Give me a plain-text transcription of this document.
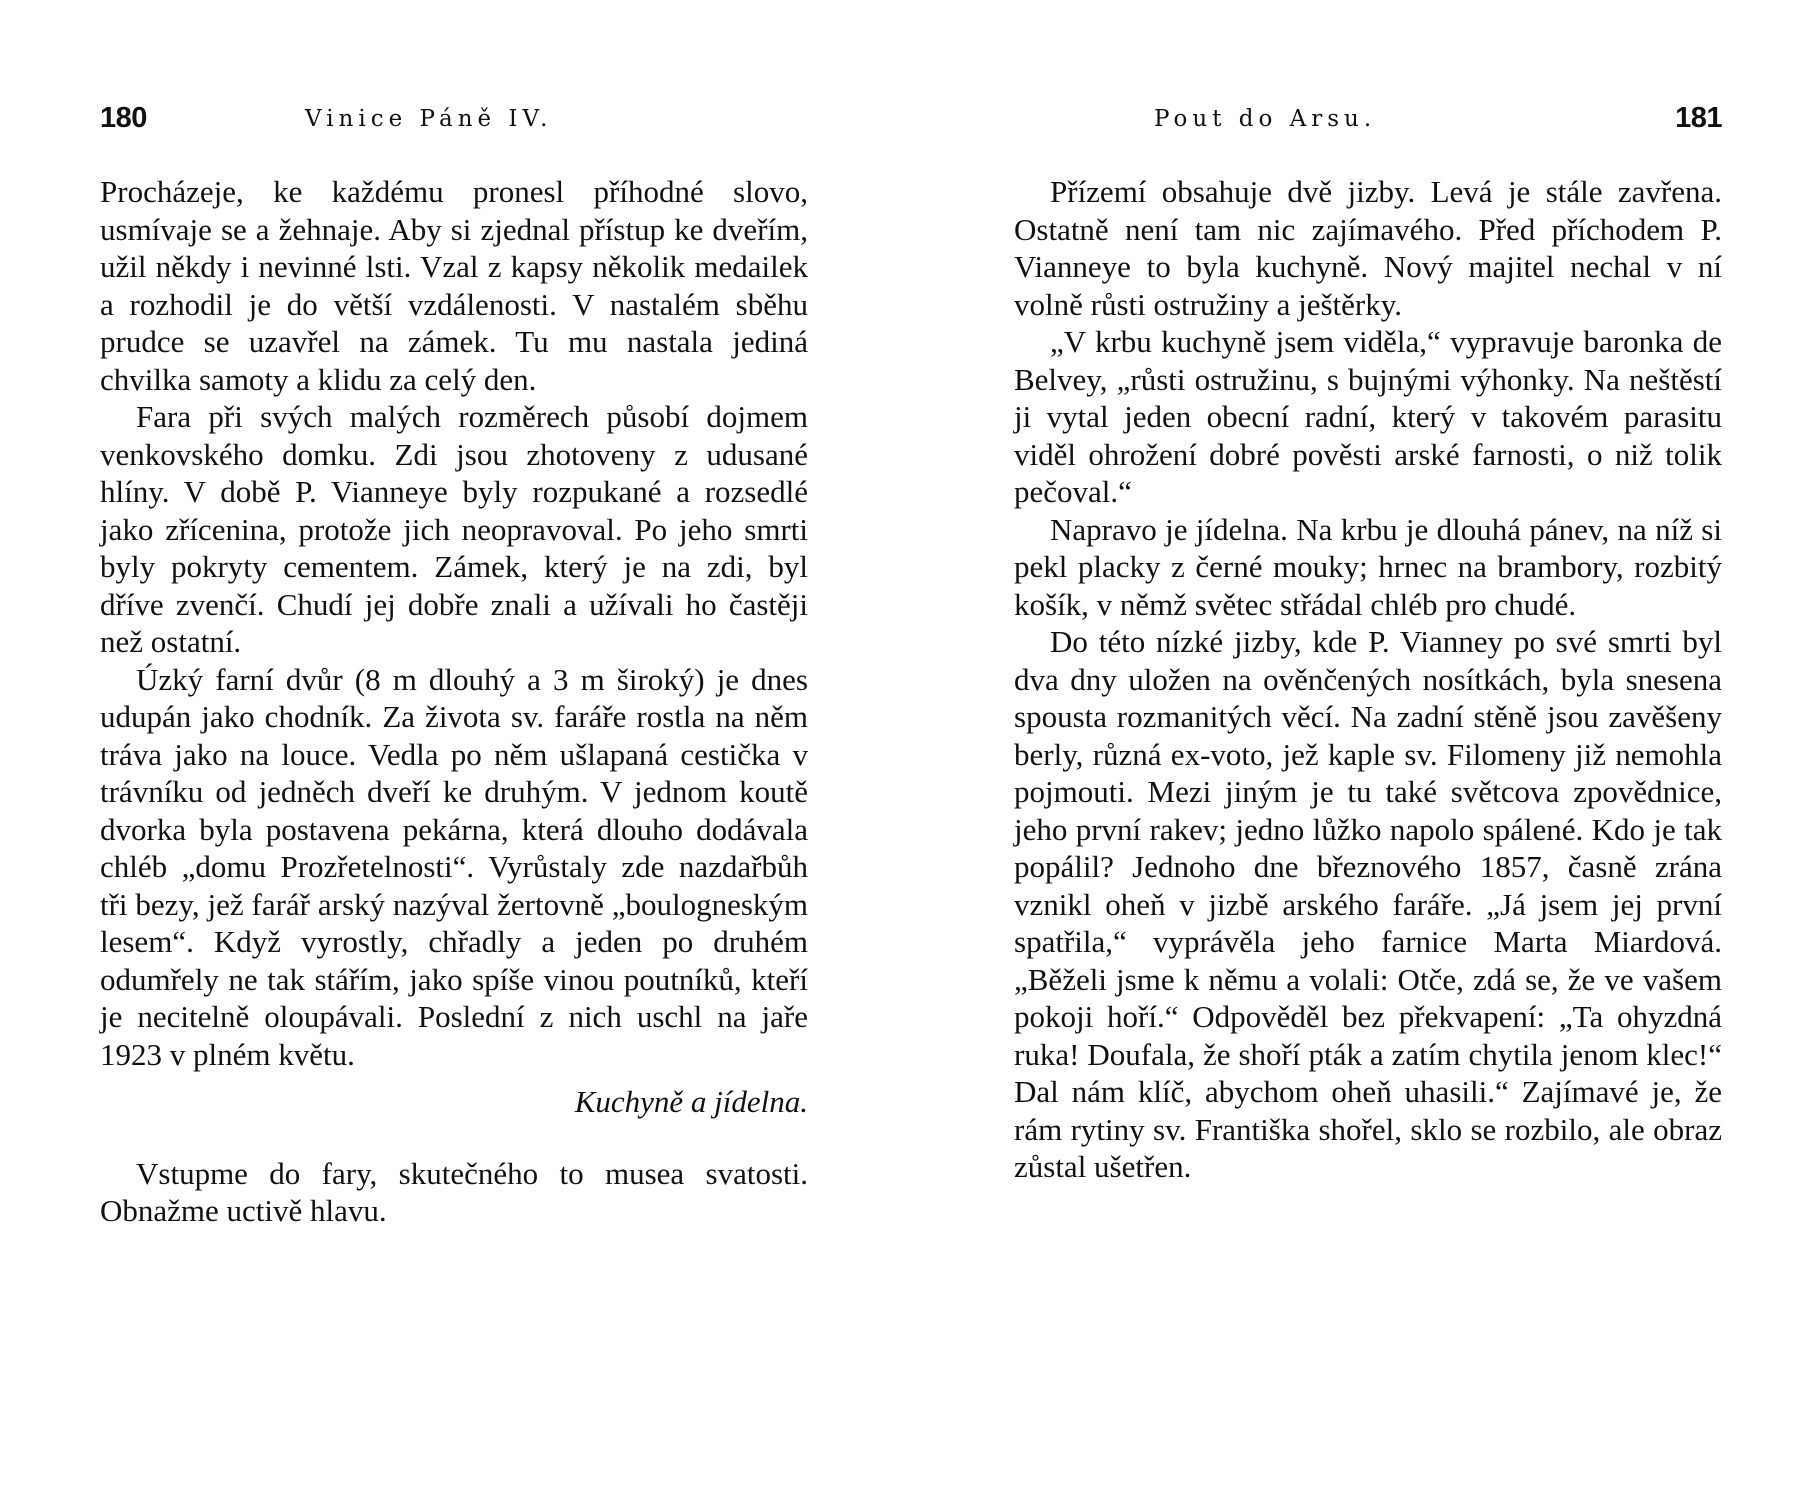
180	Vinice Páně IV.

Procházeje, ke každému pronesl příhodné slovo, usmívaje se a žehnaje. Aby si zjednal přístup ke dveřím, užil někdy i nevinné lsti. Vzal z kapsy několik medailek a rozhodil je do větší vzdálenosti. V nastalém sběhu prudce se uzavřel na zámek. Tu mu nastala jediná chvilka samoty a klidu za celý den.

Fara při svých malých rozměrech působí dojmem venkovského domku. Zdi jsou zhotoveny z udusané hlíny. V době P. Vianneye byly rozpukané a rozsedlé jako zřícenina, protože jich neopravoval. Po jeho smrti byly pokryty cementem. Zámek, který je na zdi, byl dříve zvenčí. Chudí jej dobře znali a užívali ho častěji než ostatní.

Úzký farní dvůr (8 m dlouhý a 3 m široký) je dnes udupán jako chodník. Za života sv. faráře rostla na něm tráva jako na louce. Vedla po něm ušlapaná cestička v trávníku od jedněch dveří ke druhým. V jednom koutě dvorka byla postavena pekárna, která dlouho dodávala chléb „domu Prozřetelnosti“. Vyrůstaly zde nazdařbůh tři bezy, jež farář arský nazýval žertovně „boulogneským lesem“. Když vyrostly, chřadly a jeden po druhém odumřely ne tak stářím, jako spíše vinou poutníků, kteří je necitelně oloupávali. Poslední z nich uschl na jaře 1923 v plném květu.

Kuchyně a jídelna.

Vstupme do fary, skutečného to musea svatosti. Obnažme uctivě hlavu.

Pout do Arsu.	181

Přízemí obsahuje dvě jizby. Levá je stále zavřena. Ostatně není tam nic zajímavého. Před příchodem P. Vianneye to byla kuchyně. Nový majitel nechal v ní volně růsti ostružiny a ještěrky.

„V krbu kuchyně jsem viděla,“ vypravuje baronka de Belvey, „růsti ostružinu, s bujnými výhonky. Na neštěstí ji vytal jeden obecní radní, který v takovém parasitu viděl ohrožení dobré pověsti arské farnosti, o niž tolik pečoval.“

Napravo je jídelna. Na krbu je dlouhá pánev, na níž si pekl placky z černé mouky; hrnec na brambory, rozbitý košík, v němž světec střádal chléb pro chudé.

Do této nízké jizby, kde P. Vianney po své smrti byl dva dny uložen na ověnčených nosítkách, byla snesena spousta rozmanitých věcí. Na zadní stěně jsou zavěšeny berly, různá ex-voto, jež kaple sv. Filomeny již nemohla pojmouti. Mezi jiným je tu také světcova zpovědnice, jeho první rakev; jedno lůžko napolo spálené. Kdo je tak popálil? Jednoho dne březnového 1857, časně zrána vznikl oheň v jizbě arského faráře. „Já jsem jej první spatřila,“ vyprávěla jeho farnice Marta Miardová. „Běželi jsme k němu a volali: Otče, zdá se, že ve vašem pokoji hoří.“ Odpověděl bez překvapení: „Ta ohyzdná ruka! Doufala, že shoří pták a zatím chytila jenom klec!“ Dal nám klíč, abychom oheň uhasili.“ Zajímavé je, že rám rytiny sv. Františka shořel, sklo se rozbilo, ale obraz zůstal ušetřen.
